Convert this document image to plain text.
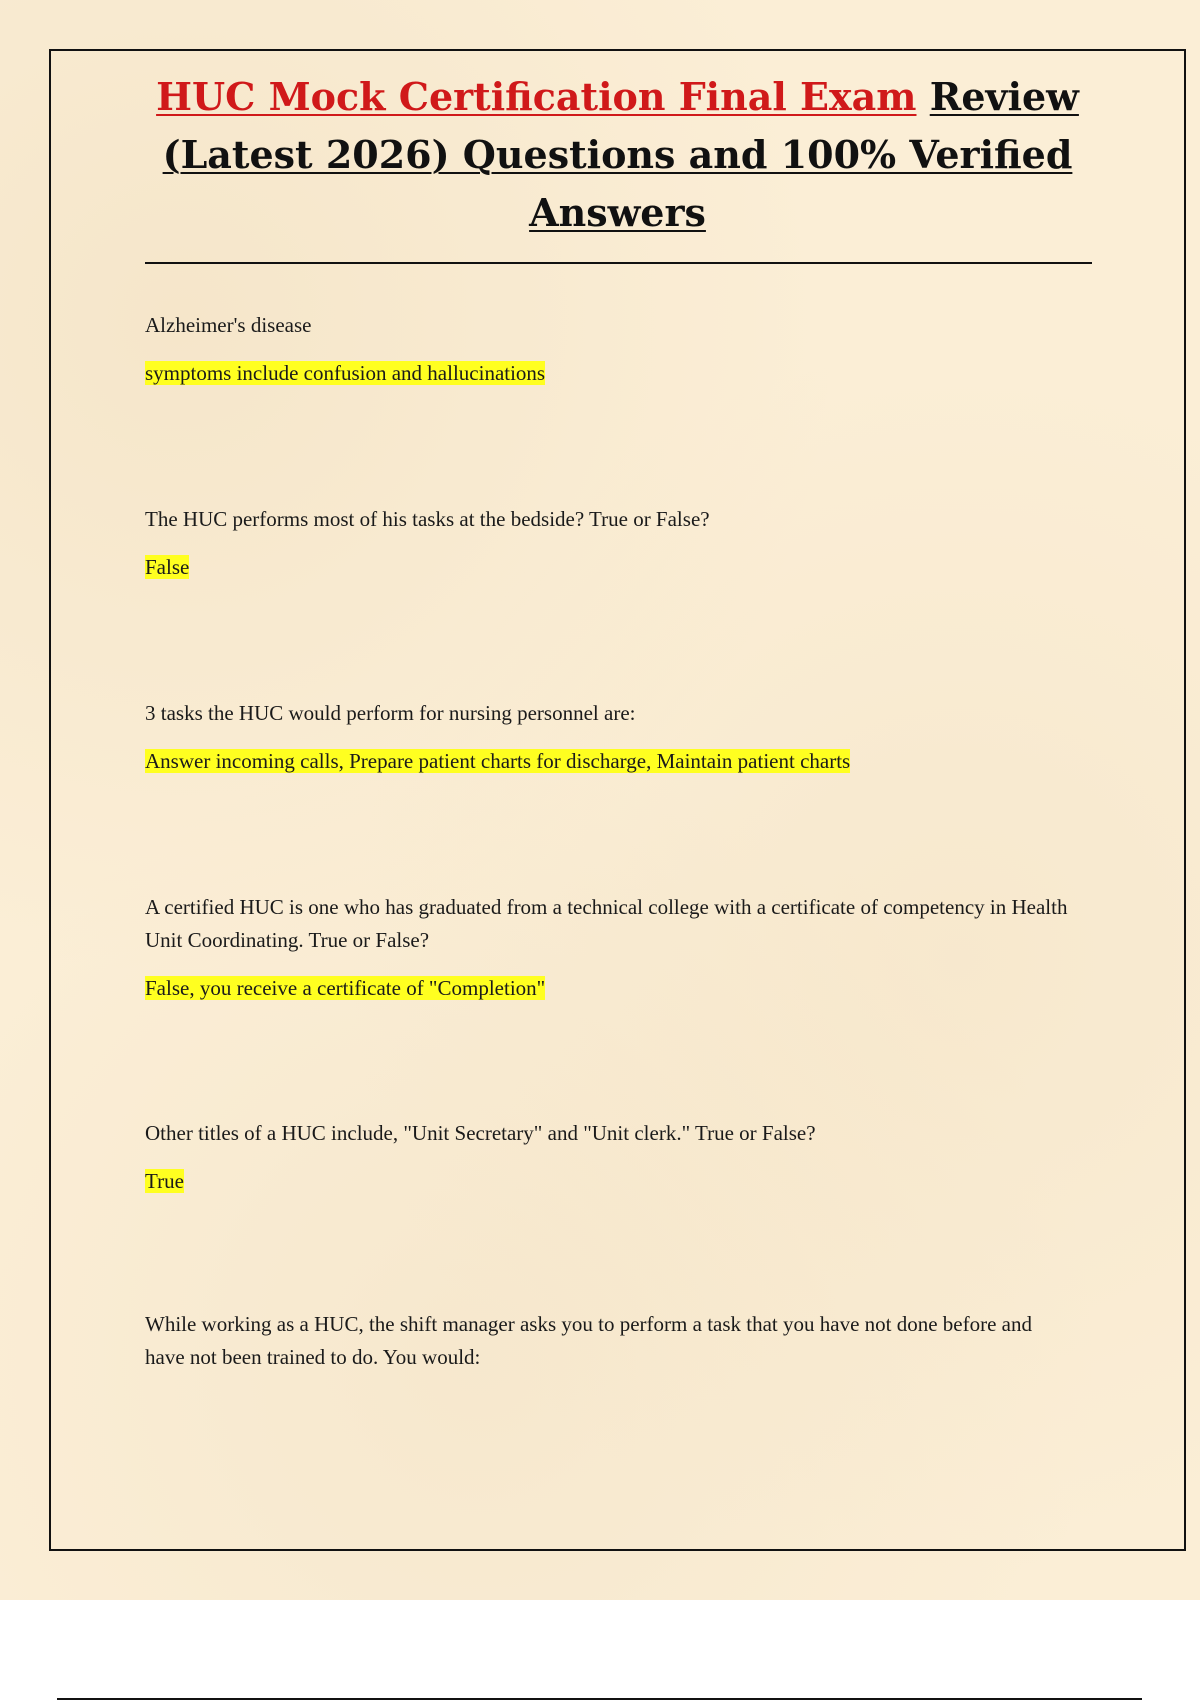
HUC Mock Certification Final Exam Review
(Latest 2026) Questions and 100% Verified
Answers

Alzheimer's disease

symptoms include confusion and hallucinations

The HUC performs most of his tasks at the bedside? True or False?

False

3 tasks the HUC would perform for nursing personnel are:

Answer incoming calls, Prepare patient charts for discharge, Maintain patient charts

A certified HUC is one who has graduated from a technical college with a certificate of competency in Health Unit Coordinating. True or False?

False, you receive a certificate of "Completion"

Other titles of a HUC include, "Unit Secretary" and "Unit clerk." True or False?

True

While working as a HUC, the shift manager asks you to perform a task that you have not done before and have not been trained to do. You would:
